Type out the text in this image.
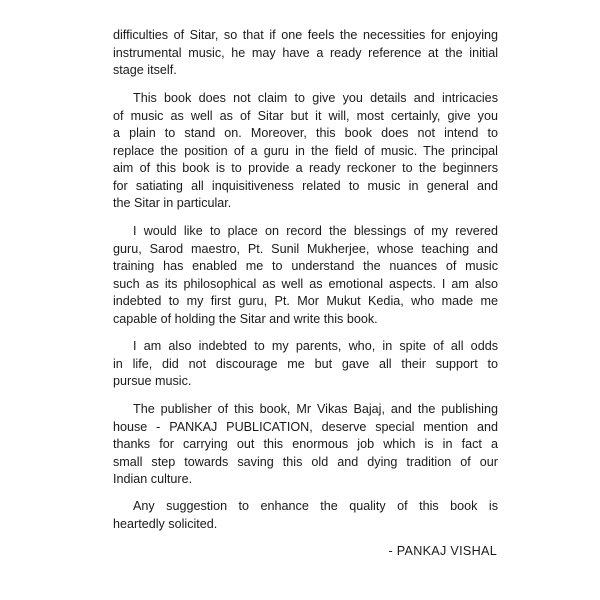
difficulties of Sitar, so that if one feels the necessities for enjoying
instrumental music, he may have a ready reference at the initial
stage itself.
This book does not claim to give you details and intricacies
of music as well as of Sitar but it will, most certainly, give you
a plain to stand on. Moreover, this book does not intend to
replace the position of a guru in the field of music. The principal
aim of this book is to provide a ready reckoner to the beginners
for satiating all inquisitiveness related to music in general and
the Sitar in particular.
I would like to place on record the blessings of my revered
guru, Sarod maestro, Pt. Sunil Mukherjee, whose teaching and
training has enabled me to understand the nuances of music
such as its philosophical as well as emotional aspects. I am also
indebted to my first guru, Pt. Mor Mukut Kedia, who made me
capable of holding the Sitar and write this book.
I am also indebted to my parents, who, in spite of all odds
in life, did not discourage me but gave all their support to
pursue music.
The publisher of this book, Mr Vikas Bajaj, and the publishing
house - PANKAJ PUBLICATION, deserve special mention and
thanks for carrying out this enormous job which is in fact a
small step towards saving this old and dying tradition of our
Indian culture.
Any suggestion to enhance the quality of this book is
heartedly solicited.
- PANKAJ VISHAL
